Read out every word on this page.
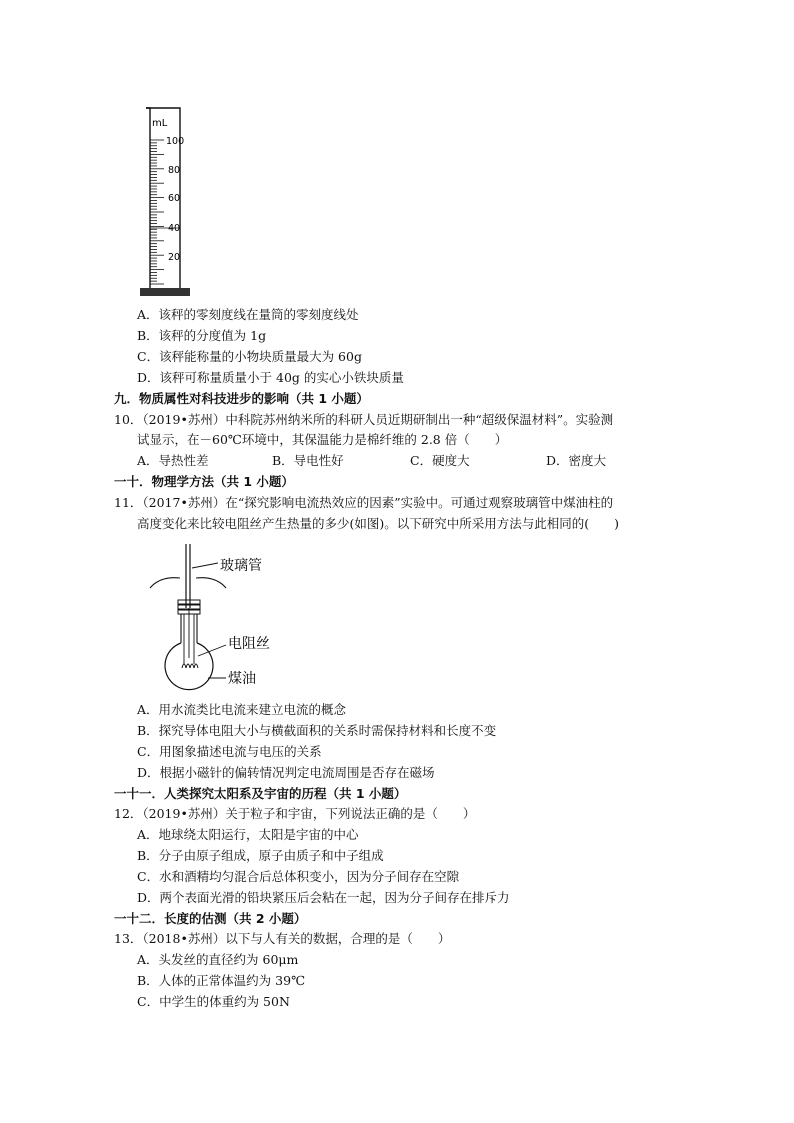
mL
100
80
60
40
20
A．该秤的零刻度线在量筒的零刻度线处
B．该秤的分度值为 1g
C．该秤能称量的小物块质量最大为 60g
D．该秤可称量质量小于 40g 的实心小铁块质量
九．物质属性对科技进步的影响（共 1 小题）
10．（2019•苏州）中科院苏州纳米所的科研人员近期研制出一种“超级保温材料”。实验测
试显示，在－60℃环境中，其保温能力是棉纤维的 2.8 倍（　　）
A．导热性差	B．导电性好	C．硬度大	D．密度大
一十．物理学方法（共 1 小题）
11．（2017•苏州）在“探究影响电流热效应的因素”实验中。可通过观察玻璃管中煤油柱的
高度变化来比较电阻丝产生热量的多少(如图)。以下研究中所采用方法与此相同的(　　)
玻璃管
电阻丝
煤油
A．用水流类比电流来建立电流的概念
B．探究导体电阻大小与横截面积的关系时需保持材料和长度不变
C．用图象描述电流与电压的关系
D．根据小磁针的偏转情况判定电流周围是否存在磁场
一十一．人类探究太阳系及宇宙的历程（共 1 小题）
12．（2019•苏州）关于粒子和宇宙，下列说法正确的是（　　）
A．地球绕太阳运行，太阳是宇宙的中心
B．分子由原子组成，原子由质子和中子组成
C．水和酒精均匀混合后总体积变小，因为分子间存在空隙
D．两个表面光滑的铅块紧压后会粘在一起，因为分子间存在排斥力
一十二．长度的估测（共 2 小题）
13．（2018•苏州）以下与人有关的数据，合理的是（　　）
A．头发丝的直径约为 60μm
B．人体的正常体温约为 39℃
C．中学生的体重约为 50N
